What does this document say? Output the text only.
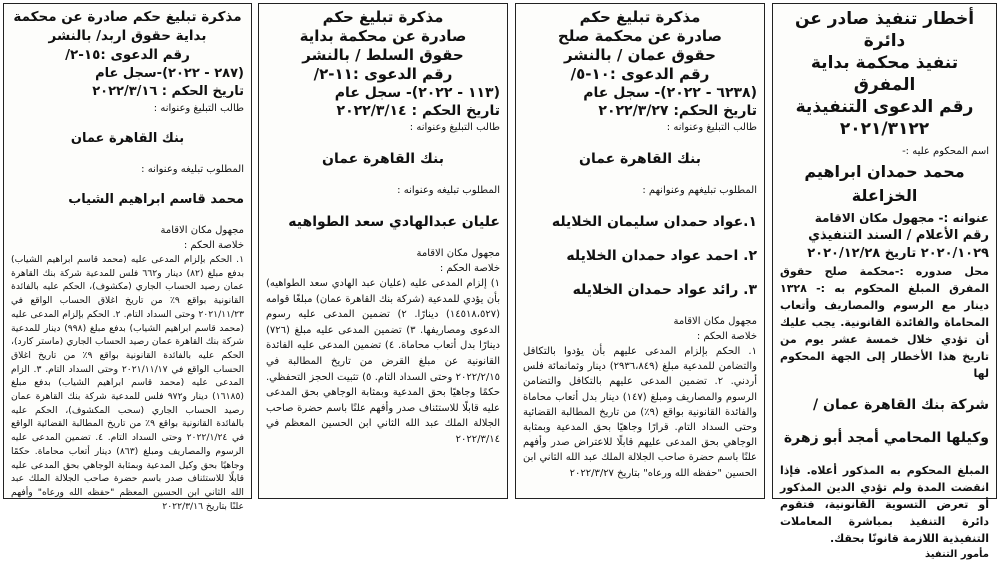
أخطار تنفيذ صادر عن دائرة

تنفيذ محكمة بداية المفرق

رقم الدعوى التنفيذية

٢٠٢١/٣١٢٢

اسم المحكوم عليه :-

محمد حمدان ابراهيم

الخزاعلة

عنوانه :- مجهول مكان الاقامة

رقم الأعلام / السند التنفيذي

٢٠٢٠/١٠٢٩ تاريخ ٢٠٢٠/١٢/٢٨

محل صدوره :-محكمة صلح حقوق المفرق المبلغ المحكوم به :- ١٣٢٨ دينار مع الرسوم والمصاريف وأتعاب المحاماة والفائدة القانونية. يجب عليك أن تؤدي خلال خمسة عشر يوم من تاريخ هذا الأخطار إلى الجهة المحكوم لها

شركة بنك القاهرة عمان /

وكيلها المحامي أمجد أبو زهرة

المبلغ المحكوم به المذكور أعلاه. فإذا انقضت المدة ولم تؤدي الدين المذكور أو تعرض التسوية القانونية، فتقوم دائرة التنفيذ بمباشرة المعاملات التنفيذية اللازمة قانونًا بحقك.

مأمور التنفيذ

مذكرة تبليغ حكم

صادرة عن محكمة صلح

حقوق عمان / بالنشر

رقم الدعوى :١٠-٥/

(٦٢٣٨ - ٢٠٢٢)- سجل عام

تاريخ الحكم: ٢٠٢٢/٣/٢٧

طالب التبليغ وعنوانه :

بنك القاهرة عمان

المطلوب تبليغهم وعنوانهم :

١.عواد حمدان سليمان الخلايله

٢. احمد عواد حمدان الخلايله

٣. رائد عواد حمدان الخلايله

مجهول مكان الاقامة

خلاصة الحكم :

١. الحكم بإلزام المدعى عليهم بأن يؤدوا بالتكافل والتضامن للمدعية مبلغ (٢٩٣٦،٨٤٩) دينار وثمانمائة فلس أردني. ٢. تضمين المدعى عليهم بالتكافل والتضامن الرسوم والمصاريف ومبلغ (١٤٧) دينار بدل أتعاب محاماة والفائدة القانونية بواقع (٩٪) من تاريخ المطالبة القضائية وحتى السداد التام. قرارًا وجاهيًا بحق المدعية وبمثابة الوجاهي بحق المدعى عليهم قابلًا للاعتراض صدر وأفهم علنًا باسم حضرة صاحب الجلالة الملك عبد الله الثاني ابن الحسين "حفظه الله ورعاه" بتاريخ ٢٠٢٢/٣/٢٧

مذكرة تبليغ حكم

صادرة عن محكمة بداية

حقوق السلط / بالنشر

رقم الدعوى :١١-٢/

(١١٣ - ٢٠٢٢)- سجل عام

تاريخ الحكم : ٢٠٢٢/٣/١٤

طالب التبليغ وعنوانه :

بنك القاهرة عمان

المطلوب تبليغه وعنوانه :

عليان عبدالهادي سعد الطواهيه

مجهول مكان الاقامة

خلاصة الحكم :

١) إلزام المدعى عليه (عليان عبد الهادي سعد الطواهيه) بأن يؤدي للمدعية (شركة بنك القاهرة عمان) مبلغًا قوامه (١٤٥١٨،٥٢٧) دينارًا. ٢) تضمين المدعى عليه رسوم الدعوى ومصاريفها. ٣) تضمين المدعى عليه مبلغ (٧٢٦) دينارًا بدل أتعاب محاماة. ٤) تضمين المدعى عليه الفائدة القانونية عن مبلغ القرض من تاريخ المطالبة في ٢٠٢٢/٢/١٥ وحتى السداد التام. ٥) تثبيت الحجز التحفظي. حكمًا وجاهيًا بحق المدعية وبمثابة الوجاهي بحق المدعى عليه قابلًا للاستئناف صدر وأفهم علنًا باسم حضرة صاحب الجلالة الملك عبد الله الثاني ابن الحسين المعظم في ٢٠٢٢/٣/١٤

مذكرة تبليغ حكم صادرة عن محكمة

بداية حقوق اربد/ بالنشر

رقم الدعوى :١٥-٢/

(٢٨٧ - ٢٠٢٢)-سجل عام

تاريخ الحكم : ٢٠٢٢/٣/١٦

طالب التبليغ وعنوانه :

بنك القاهرة عمان

المطلوب تبليغه وعنوانه :

محمد قاسم ابراهيم الشياب

مجهول مكان الاقامة

خلاصة الحكم :

١. الحكم بإلزام المدعى عليه (محمد قاسم ابراهيم الشياب) بدفع مبلغ (٨٢) دينار و٦٦٢ فلس للمدعية شركة بنك القاهرة عمان رصيد الحساب الجاري (مكشوف)، الحكم عليه بالفائدة القانونية بواقع ٩٪ من تاريخ اغلاق الحساب الواقع في ٢٠٢١/١١/٢٣ وحتى السداد التام. ٢. الحكم بإلزام المدعى عليه (محمد قاسم ابراهيم الشياب) بدفع مبلغ (٩٩٨) دينار للمدعية شركة بنك القاهرة عمان رصيد الحساب الجاري (ماستر كارد)، الحكم عليه بالفائدة القانونية بواقع ٩٪ من تاريخ اغلاق الحساب الواقع في ٢٠٢١/١١/١٧ وحتى السداد التام. ٣. الزام المدعى عليه (محمد قاسم ابراهيم الشياب) بدفع مبلغ (١٦١٨٥) دينار و٩٧٢ فلس للمدعية شركة بنك القاهرة عمان رصيد الحساب الجاري (سحب المكشوف)، الحكم عليه بالفائدة القانونية بواقع ٩٪ من تاريخ المطالبة القضائية الواقع في ٢٠٢٢/١/٢٤ وحتى السداد التام. ٤. تضمين المدعى عليه الرسوم والمصاريف ومبلغ (٨٦٣) دينار أتعاب محاماة. حكمًا وجاهيًا بحق وكيل المدعية وبمثابة الوجاهي بحق المدعى عليه قابلًا للاستئناف صدر باسم حضرة صاحب الجلالة الملك عبد الله الثاني ابن الحسين المعظم "حفظه الله ورعاه" وأفهم علنًا بتاريخ ٢٠٢٢/٣/١٦
